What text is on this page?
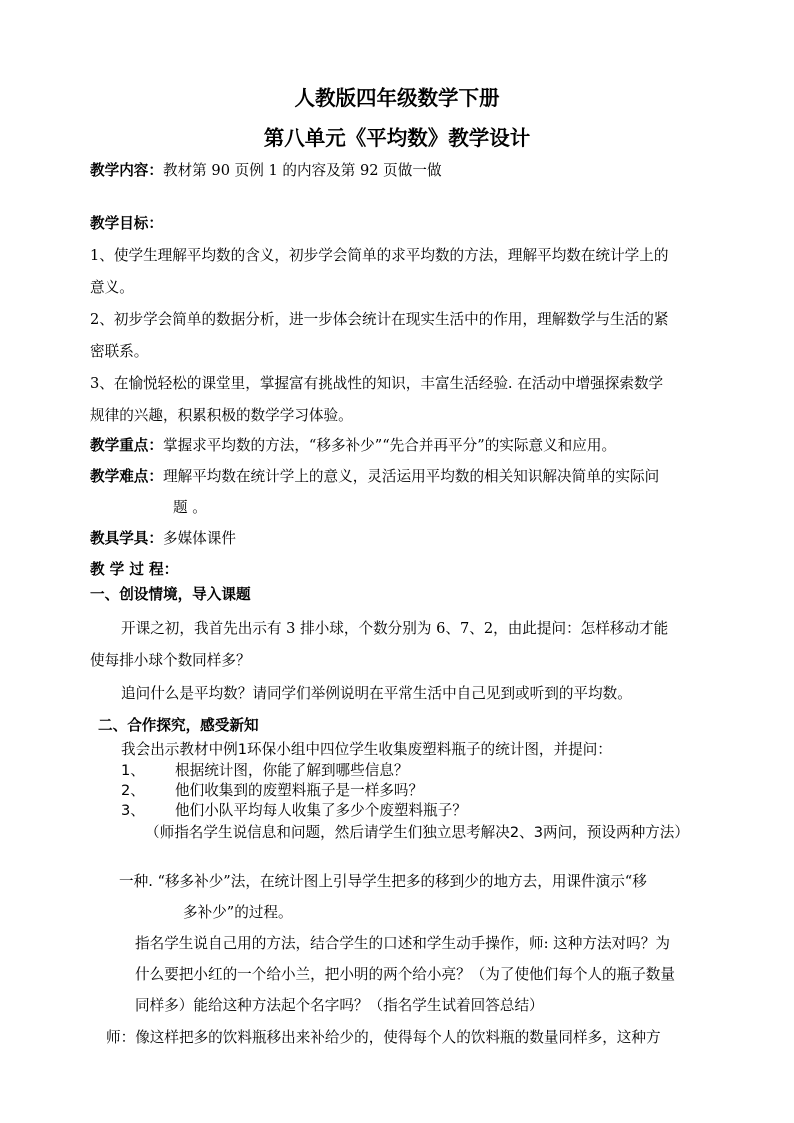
人教版四年级数学下册
第八单元《平均数》教学设计
教学内容：教材第 90 页例 1 的内容及第 92 页做一做
教学目标：
1、使学生理解平均数的含义，初步学会简单的求平均数的方法，理解平均数在统计学上的
意义。
2、初步学会简单的数据分析，进一步体会统计在现实生活中的作用，理解数学与生活的紧
密联系。
3、在愉悦轻松的课堂里，掌握富有挑战性的知识，丰富生活经验. 在活动中增强探索数学
规律的兴趣，积累积极的数学学习体验。
教学重点：掌握求平均数的方法，“移多补少”“先合并再平分”的实际意义和应用。
教学难点：理解平均数在统计学上的意义，灵活运用平均数的相关知识解决简单的实际问
题 。
教具学具：多媒体课件
教 学 过 程：
一、创设情境，导入课题
开课之初，我首先出示有 3 排小球，个数分别为 6、7、2，由此提问：怎样移动才能
使每排小球个数同样多？
追问什么是平均数？请同学们举例说明在平常生活中自己见到或听到的平均数。
二、合作探究，感受新知
我会出示教材中例1环保小组中四位学生收集废塑料瓶子的统计图，并提问：
1、 根据统计图，你能了解到哪些信息？
2、 他们收集到的废塑料瓶子是一样多吗？
3、 他们小队平均每人收集了多少个废塑料瓶子？
（师指名学生说信息和问题，然后请学生们独立思考解决2、3两问，预设两种方法）
一种. “移多补少”法，在统计图上引导学生把多的移到少的地方去，用课件演示“移
多补少”的过程。
指名学生说自己用的方法，结合学生的口述和学生动手操作，师: 这种方法对吗？为
什么要把小红的一个给小兰，把小明的两个给小亮？（为了使他们每个人的瓶子数量
同样多）能给这种方法起个名字吗？（指名学生试着回答总结）
师：像这样把多的饮料瓶移出来补给少的，使得每个人的饮料瓶的数量同样多，这种方
